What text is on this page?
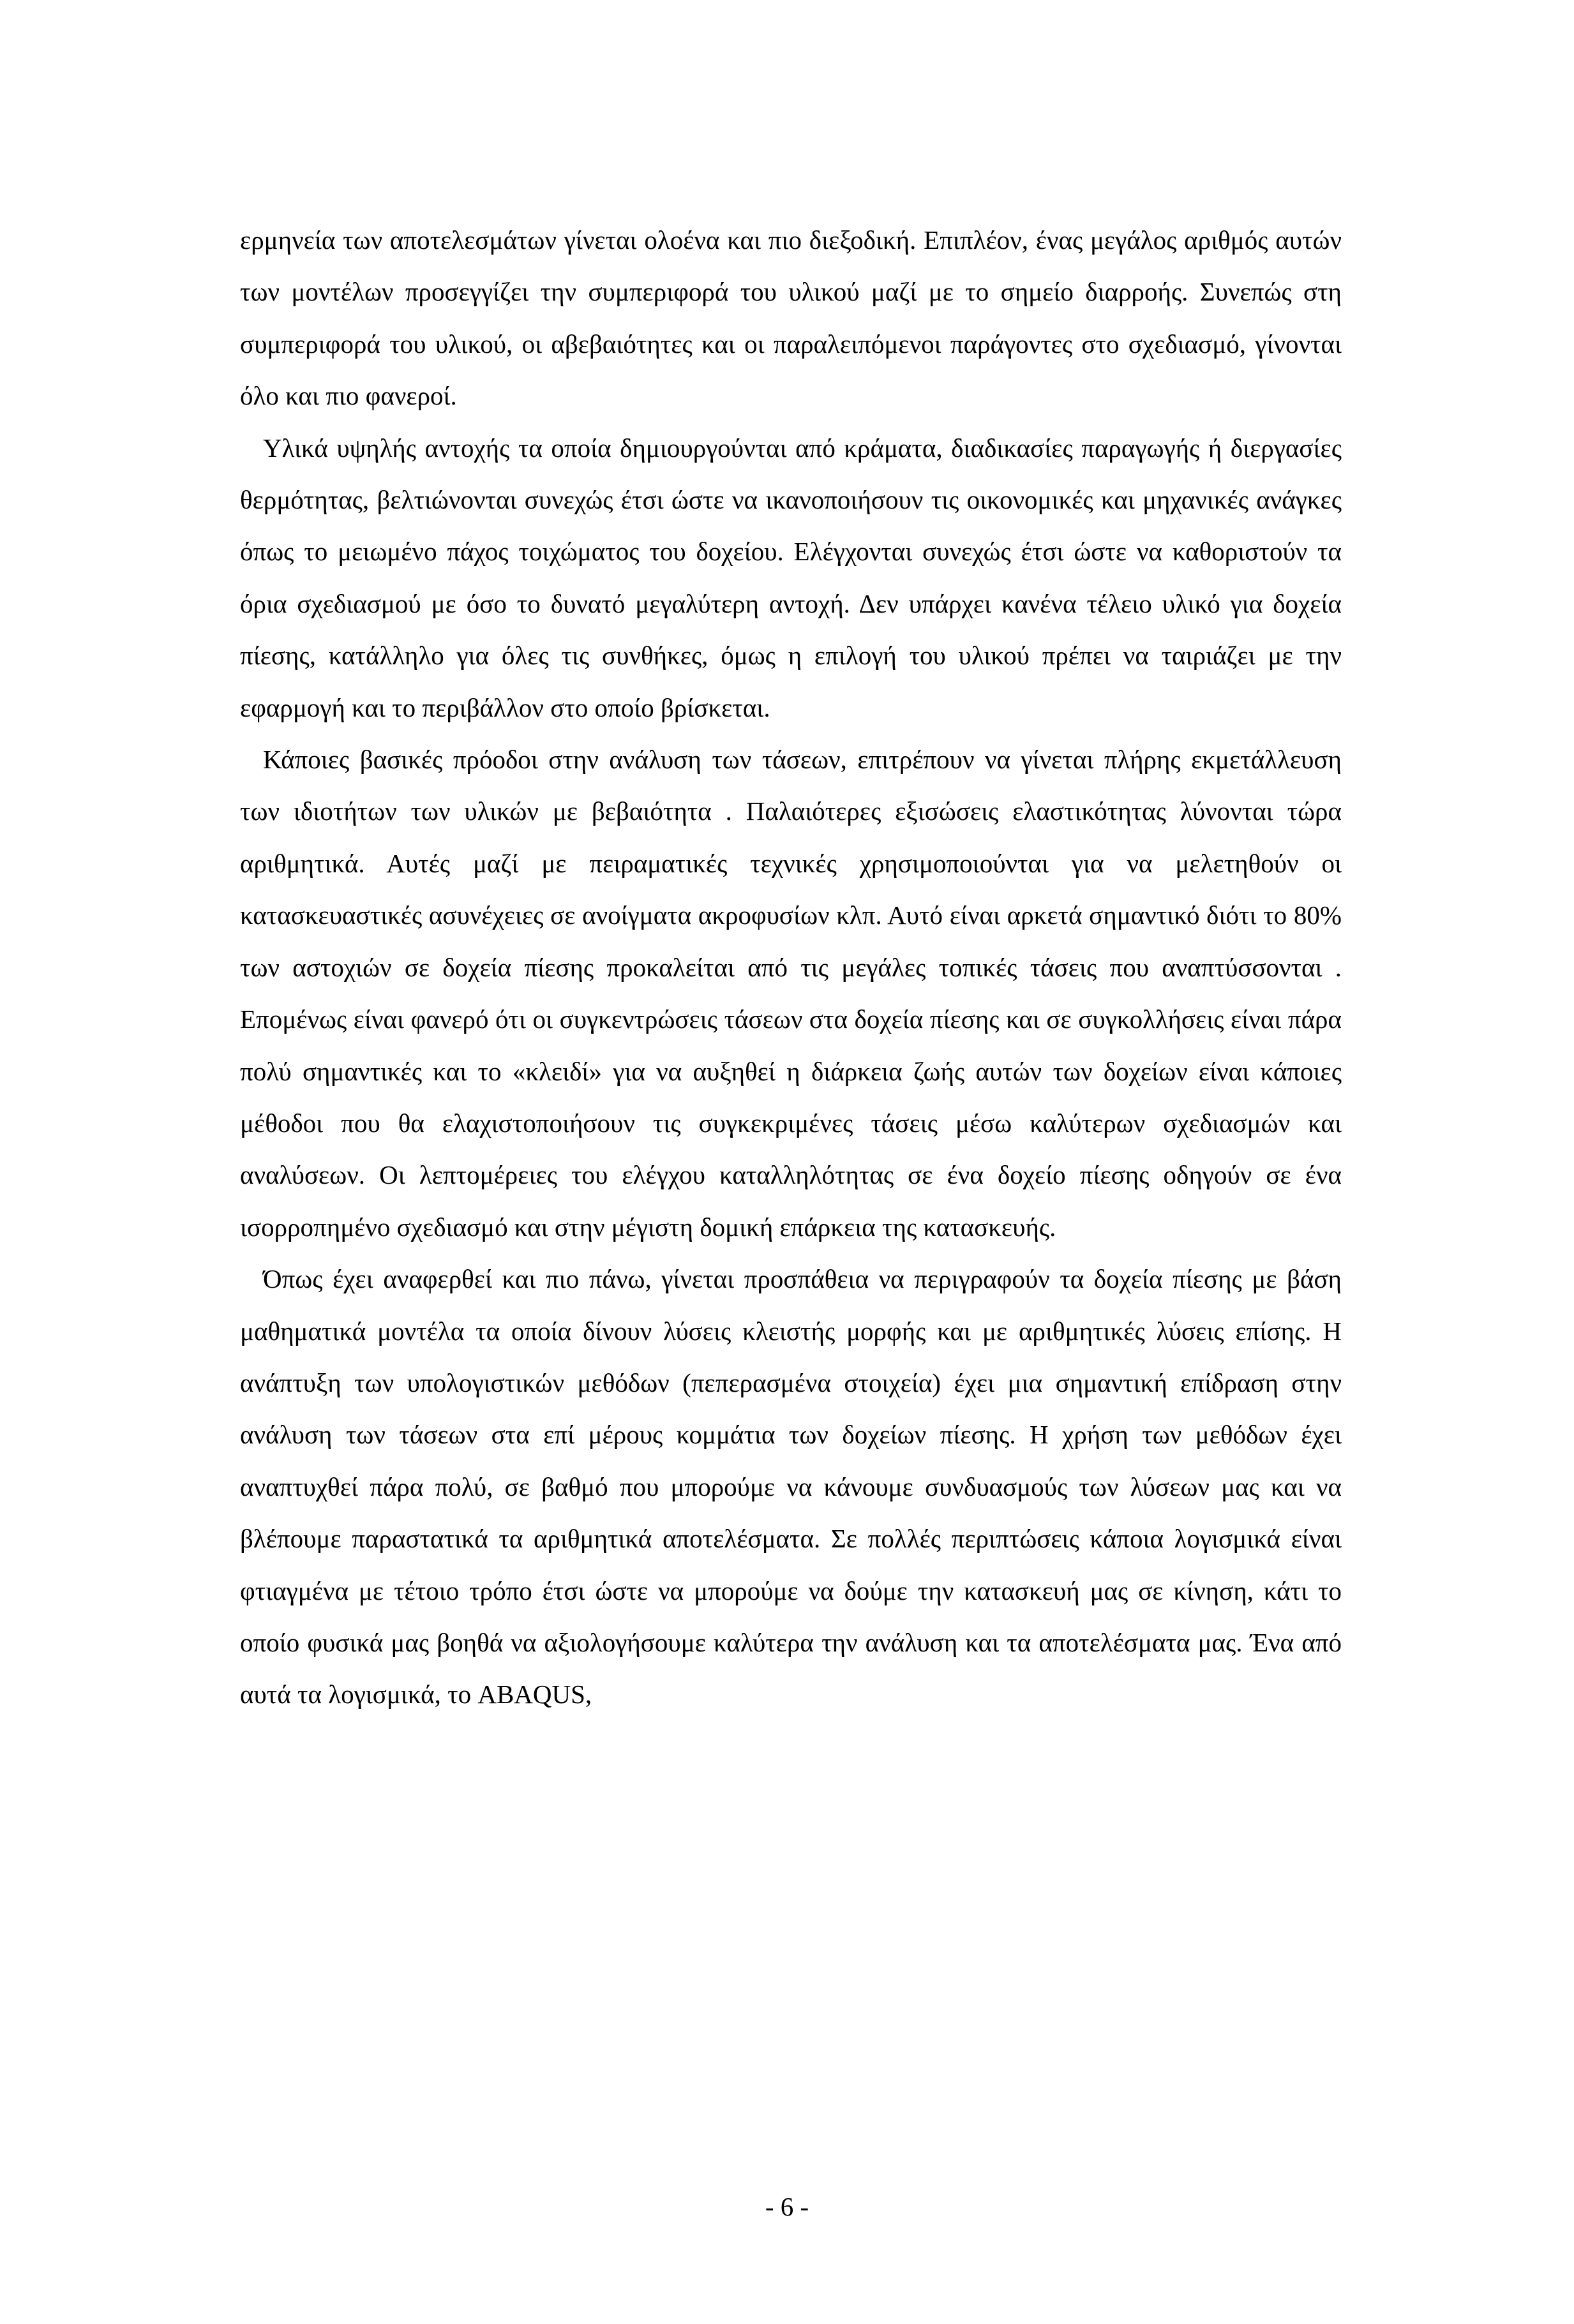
ερμηνεία των αποτελεσμάτων γίνεται ολοένα και πιο διεξοδική. Επιπλέον, ένας μεγάλος αριθμός αυτών των μοντέλων προσεγγίζει την συμπεριφορά του υλικού μαζί με το σημείο διαρροής. Συνεπώς στη συμπεριφορά του υλικού, οι αβεβαιότητες και οι παραλειπόμενοι παράγοντες στο σχεδιασμό, γίνονται όλο και πιο φανεροί.

Υλικά υψηλής αντοχής τα οποία δημιουργούνται από κράματα, διαδικασίες παραγωγής ή διεργασίες θερμότητας, βελτιώνονται συνεχώς έτσι ώστε να ικανοποιήσουν τις οικονομικές και μηχανικές ανάγκες όπως το μειωμένο πάχος τοιχώματος του δοχείου. Ελέγχονται συνεχώς έτσι ώστε να καθοριστούν τα όρια σχεδιασμού με όσο το δυνατό μεγαλύτερη αντοχή. Δεν υπάρχει κανένα τέλειο υλικό για δοχεία πίεσης, κατάλληλο για όλες τις συνθήκες, όμως η επιλογή του υλικού πρέπει να ταιριάζει με την εφαρμογή και το περιβάλλον στο οποίο βρίσκεται.

Κάποιες βασικές πρόοδοι στην ανάλυση των τάσεων, επιτρέπουν να γίνεται πλήρης εκμετάλλευση των ιδιοτήτων των υλικών με βεβαιότητα . Παλαιότερες εξισώσεις ελαστικότητας λύνονται τώρα αριθμητικά. Αυτές μαζί με πειραματικές τεχνικές χρησιμοποιούνται για να μελετηθούν οι κατασκευαστικές ασυνέχειες σε ανοίγματα ακροφυσίων κλπ. Αυτό είναι αρκετά σημαντικό διότι το 80% των αστοχιών σε δοχεία πίεσης προκαλείται από τις μεγάλες τοπικές τάσεις που αναπτύσσονται . Επομένως είναι φανερό ότι οι συγκεντρώσεις τάσεων στα δοχεία πίεσης και σε συγκολλήσεις είναι πάρα πολύ σημαντικές και το «κλειδί» για να αυξηθεί η διάρκεια ζωής αυτών των δοχείων είναι κάποιες μέθοδοι που θα ελαχιστοποιήσουν τις συγκεκριμένες τάσεις μέσω καλύτερων σχεδιασμών και αναλύσεων. Οι λεπτομέρειες του ελέγχου καταλληλότητας σε ένα δοχείο πίεσης οδηγούν σε ένα ισορροπημένο σχεδιασμό και στην μέγιστη δομική επάρκεια της κατασκευής.

Όπως έχει αναφερθεί και πιο πάνω, γίνεται προσπάθεια να περιγραφούν τα δοχεία πίεσης με βάση μαθηματικά μοντέλα τα οποία δίνουν λύσεις κλειστής μορφής και με αριθμητικές λύσεις επίσης. Η ανάπτυξη των υπολογιστικών μεθόδων (πεπερασμένα στοιχεία) έχει μια σημαντική επίδραση στην ανάλυση των τάσεων στα επί μέρους κομμάτια των δοχείων πίεσης. Η χρήση των μεθόδων έχει αναπτυχθεί πάρα πολύ, σε βαθμό που μπορούμε να κάνουμε συνδυασμούς των λύσεων μας και να βλέπουμε παραστατικά τα αριθμητικά αποτελέσματα. Σε πολλές περιπτώσεις κάποια λογισμικά είναι φτιαγμένα με τέτοιο τρόπο έτσι ώστε να μπορούμε να δούμε την κατασκευή μας σε κίνηση, κάτι το οποίο φυσικά μας βοηθά να αξιολογήσουμε καλύτερα την ανάλυση και τα αποτελέσματα μας. Ένα από αυτά τα λογισμικά, το ABAQUS,

- 6 -
